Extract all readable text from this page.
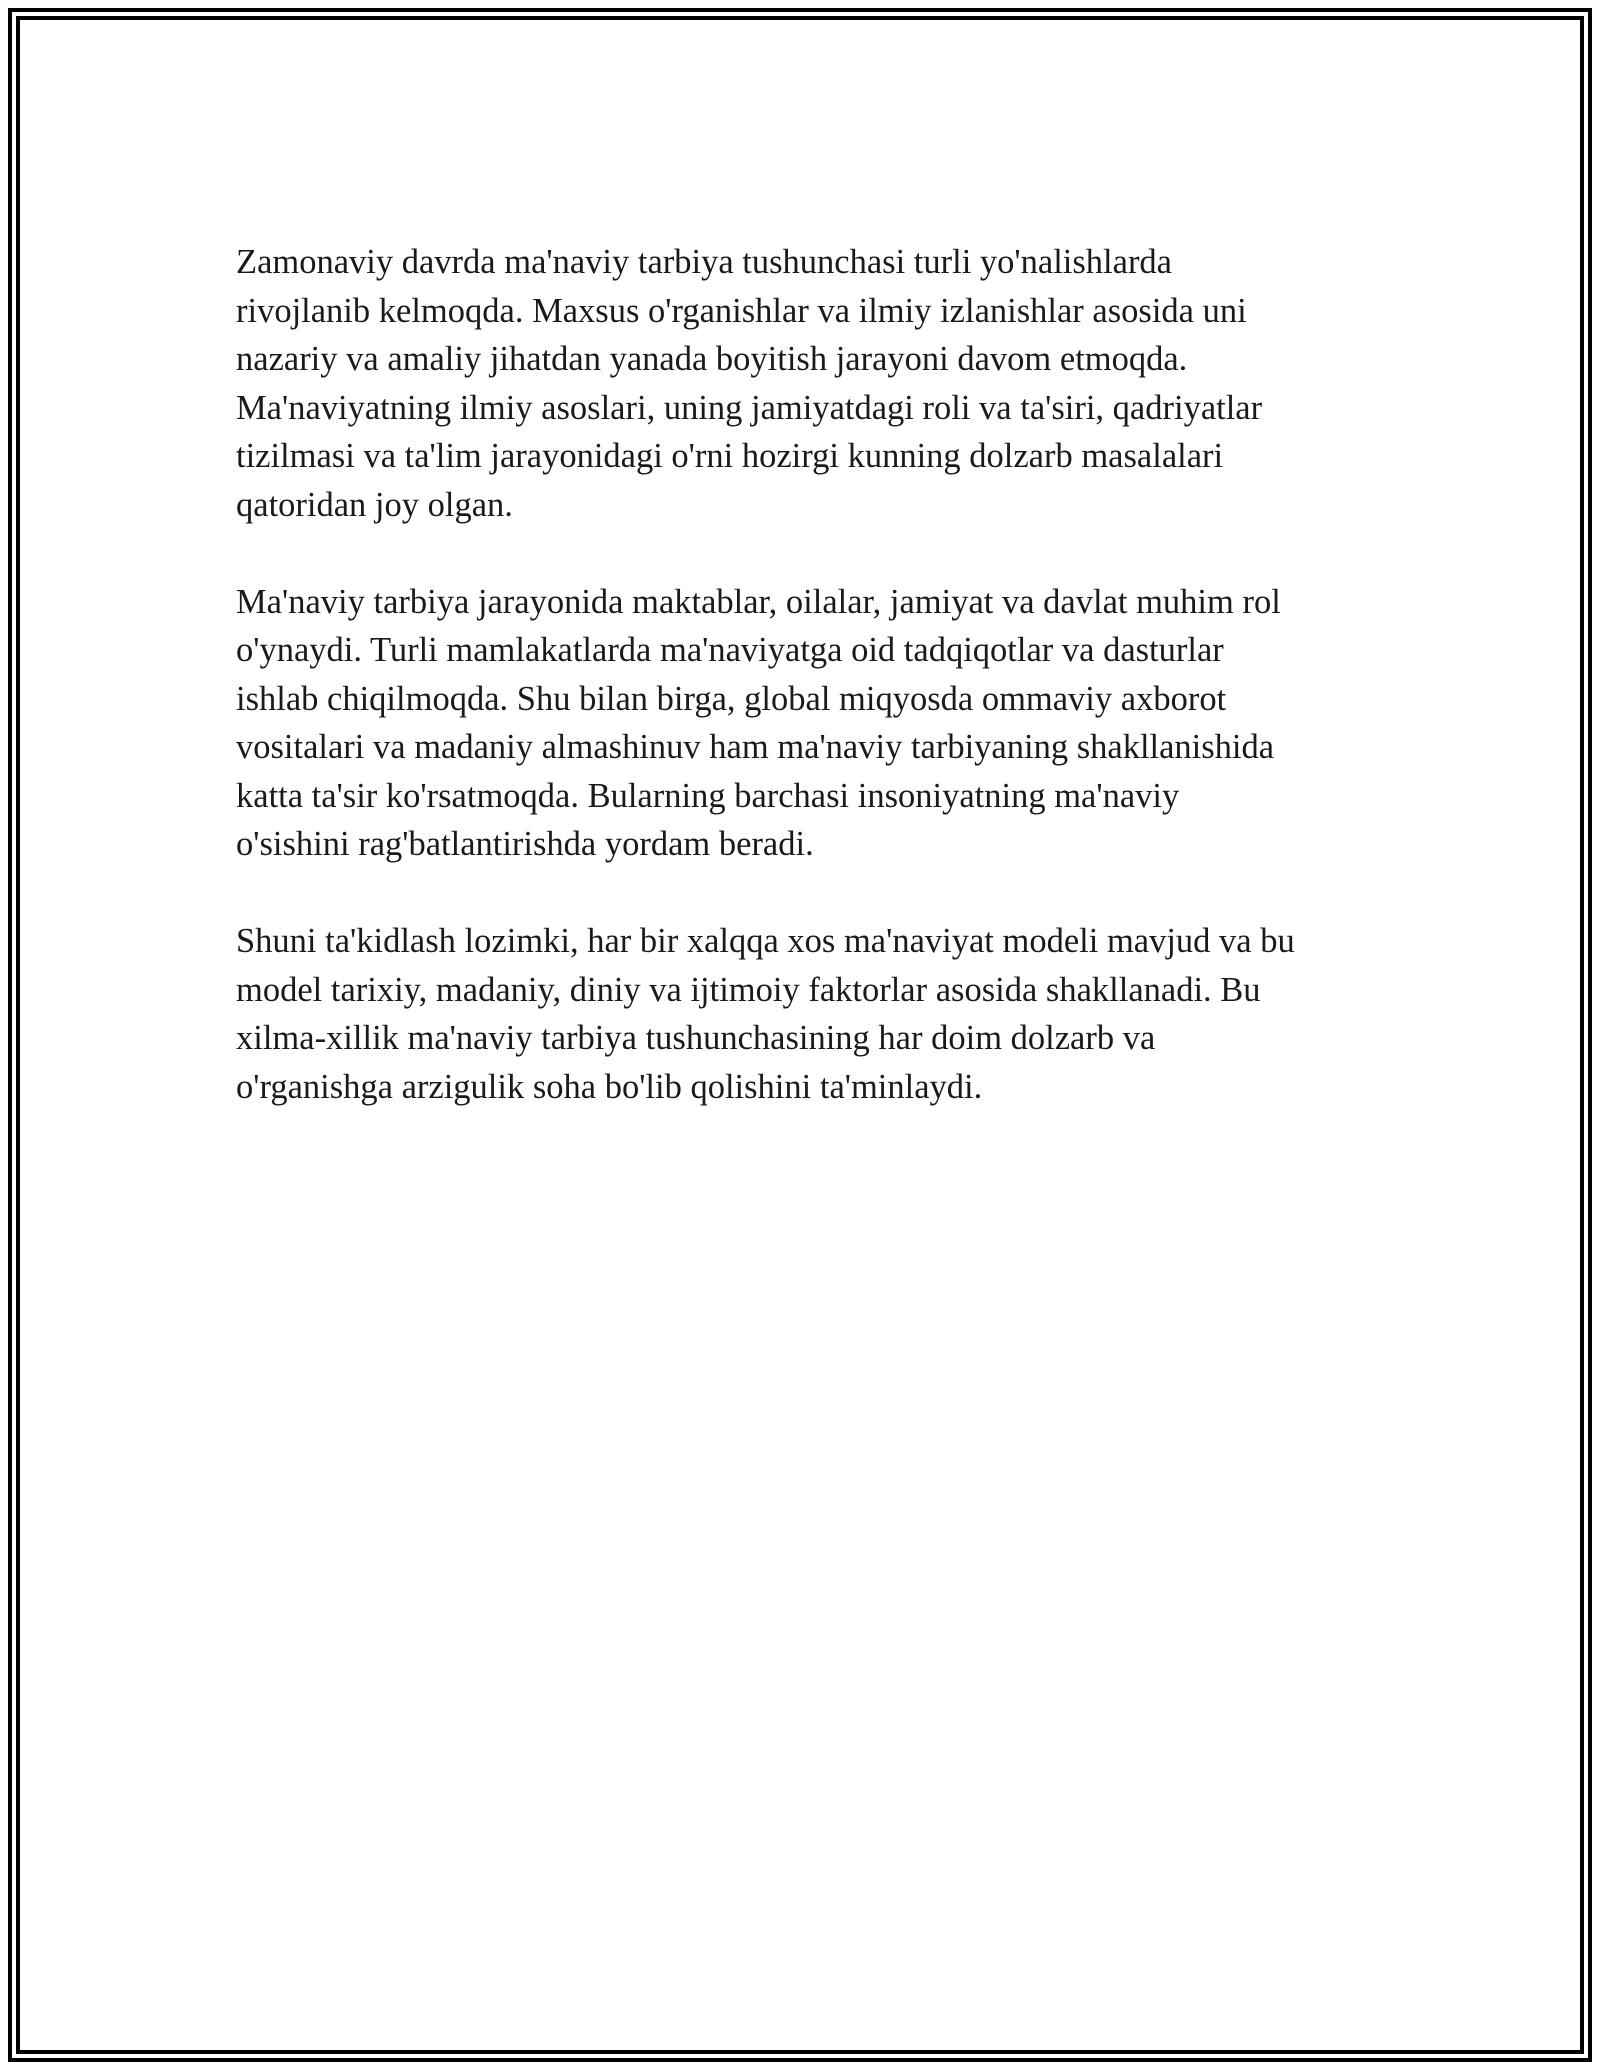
Zamonaviy davrda ma'naviy tarbiya tushunchasi turli yo'nalishlarda
rivojlanib kelmoqda. Maxsus o'rganishlar va ilmiy izlanishlar asosida uni
nazariy va amaliy jihatdan yanada boyitish jarayoni davom etmoqda.
Ma'naviyatning ilmiy asoslari, uning jamiyatdagi roli va ta'siri, qadriyatlar
tizilmasi va ta'lim jarayonidagi o'rni hozirgi kunning dolzarb masalalari
qatoridan joy olgan.

Ma'naviy tarbiya jarayonida maktablar, oilalar, jamiyat va davlat muhim rol
o'ynaydi. Turli mamlakatlarda ma'naviyatga oid tadqiqotlar va dasturlar
ishlab chiqilmoqda. Shu bilan birga, global miqyosda ommaviy axborot
vositalari va madaniy almashinuv ham ma'naviy tarbiyaning shakllanishida
katta ta'sir ko'rsatmoqda. Bularning barchasi insoniyatning ma'naviy
o'sishini rag'batlantirishda yordam beradi.

Shuni ta'kidlash lozimki, har bir xalqqa xos ma'naviyat modeli mavjud va bu
model tarixiy, madaniy, diniy va ijtimoiy faktorlar asosida shakllanadi. Bu
xilma-xillik ma'naviy tarbiya tushunchasining har doim dolzarb va
o'rganishga arzigulik soha bo'lib qolishini ta'minlaydi.
